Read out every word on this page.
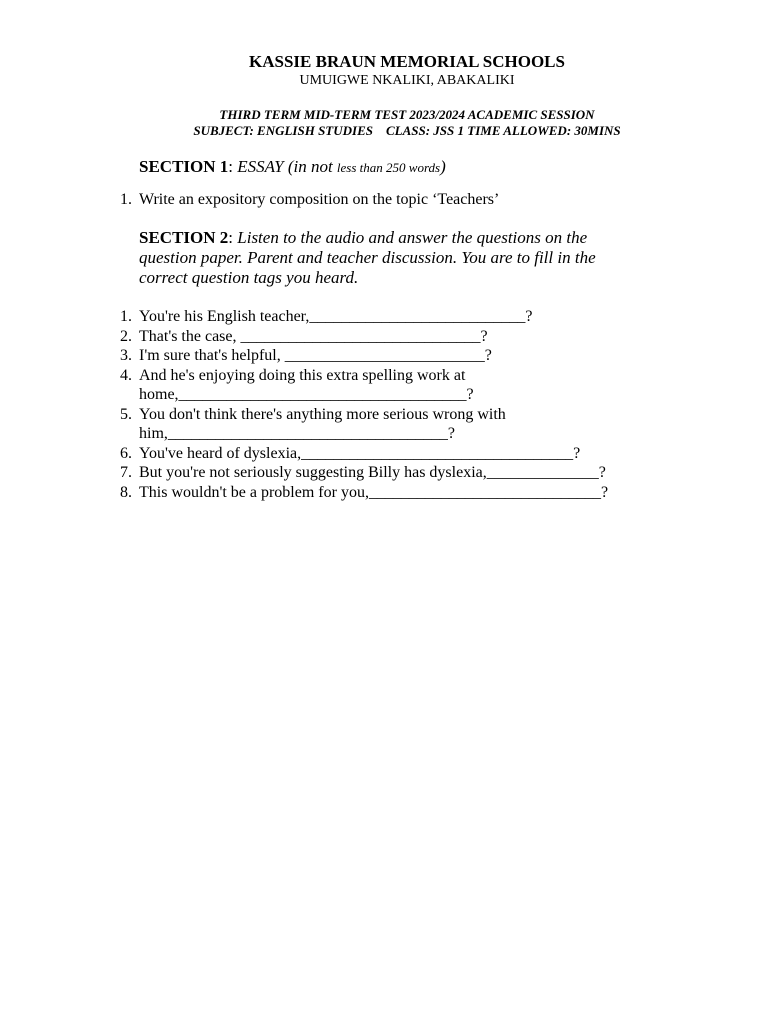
KASSIE BRAUN MEMORIAL SCHOOLS
UMUIGWE NKALIKI, ABAKALIKI
THIRD TERM MID-TERM TEST 2023/2024 ACADEMIC SESSION
SUBJECT: ENGLISH STUDIES    CLASS: JSS 1 TIME ALLOWED: 30MINS
SECTION 1: ESSAY (in not less than 250 words)
1. Write an expository composition on the topic ‘Teachers’
SECTION 2: Listen to the audio and answer the questions on the question paper. Parent and teacher discussion. You are to fill in the correct question tags you heard.
1. You're his English teacher,___________________________?
2. That's the case, ______________________________?
3. I'm sure that's helpful, _________________________?
4. And he's enjoying doing this extra spelling work at home,____________________________________?
5. You don't think there's anything more serious wrong with him,___________________________________?
6. You've heard of dyslexia,__________________________________?
7. But you're not seriously suggesting Billy has dyslexia,______________?
8. This wouldn't be a problem for you,_____________________________?
